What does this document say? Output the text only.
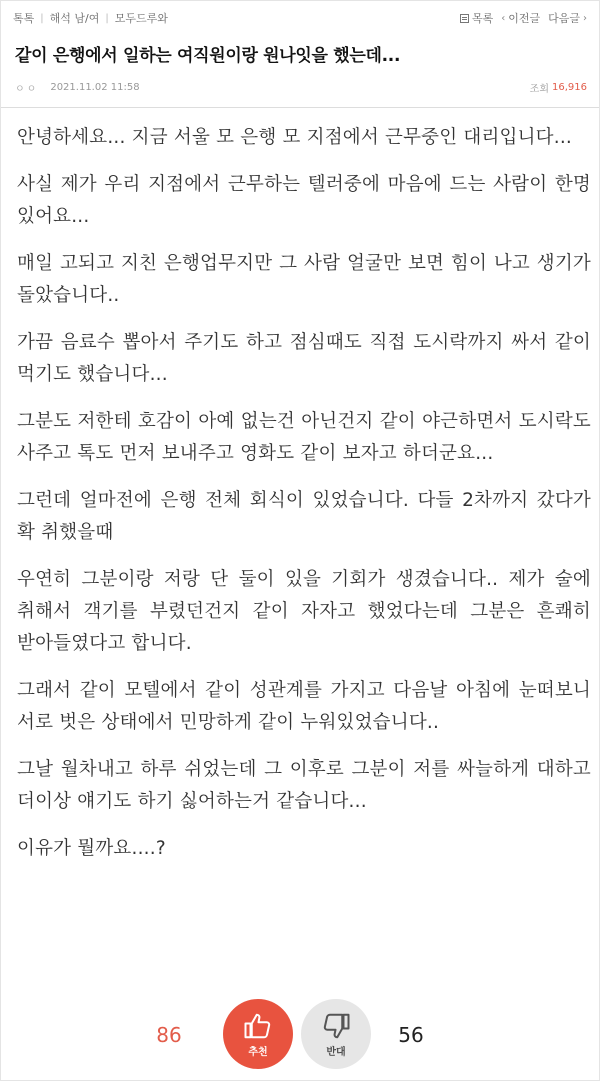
톡톡 | 해석 남/여 | 모두드루와	목록 ‹ 이전글 다음글 ›
같이 은행에서 일하는 여직원이랑 원나잇을 했는데...
ㅇㅇ 2021.11.02 11:58	조회 16,916

안녕하세요... 지금 서울 모 은행 모 지점에서 근무중인 대리입니다...

사실 제가 우리 지점에서 근무하는 텔러중에 마음에 드는 사람이 한명 있어요...

매일 고되고 지친 은행업무지만 그 사람 얼굴만 보면 힘이 나고 생기가 돌았습니다..

가끔 음료수 뽑아서 주기도 하고 점심때도 직접 도시락까지 싸서 같이 먹기도 했습니다...

그분도 저한테 호감이 아예 없는건 아닌건지 같이 야근하면서 도시락도 사주고 톡도 먼저 보내주고 영화도 같이 보자고 하더군요...

그런데 얼마전에 은행 전체 회식이 있었습니다. 다들 2차까지 갔다가 확 취했을때

우연히 그분이랑 저랑 단 둘이 있을 기회가 생겼습니다.. 제가 술에 취해서 객기를 부렸던건지 같이 자자고 했었다는데 그분은 흔쾌히 받아들였다고 합니다.

그래서 같이 모텔에서 같이 성관계를 가지고 다음날 아침에 눈떠보니 서로 벗은 상태에서 민망하게 같이 누워있었습니다..

그날 월차내고 하루 쉬었는데 그 이후로 그분이 저를 싸늘하게 대하고 더이상 얘기도 하기 싫어하는거 같습니다...

이유가 뭘까요....?

86
추천	반대
56
